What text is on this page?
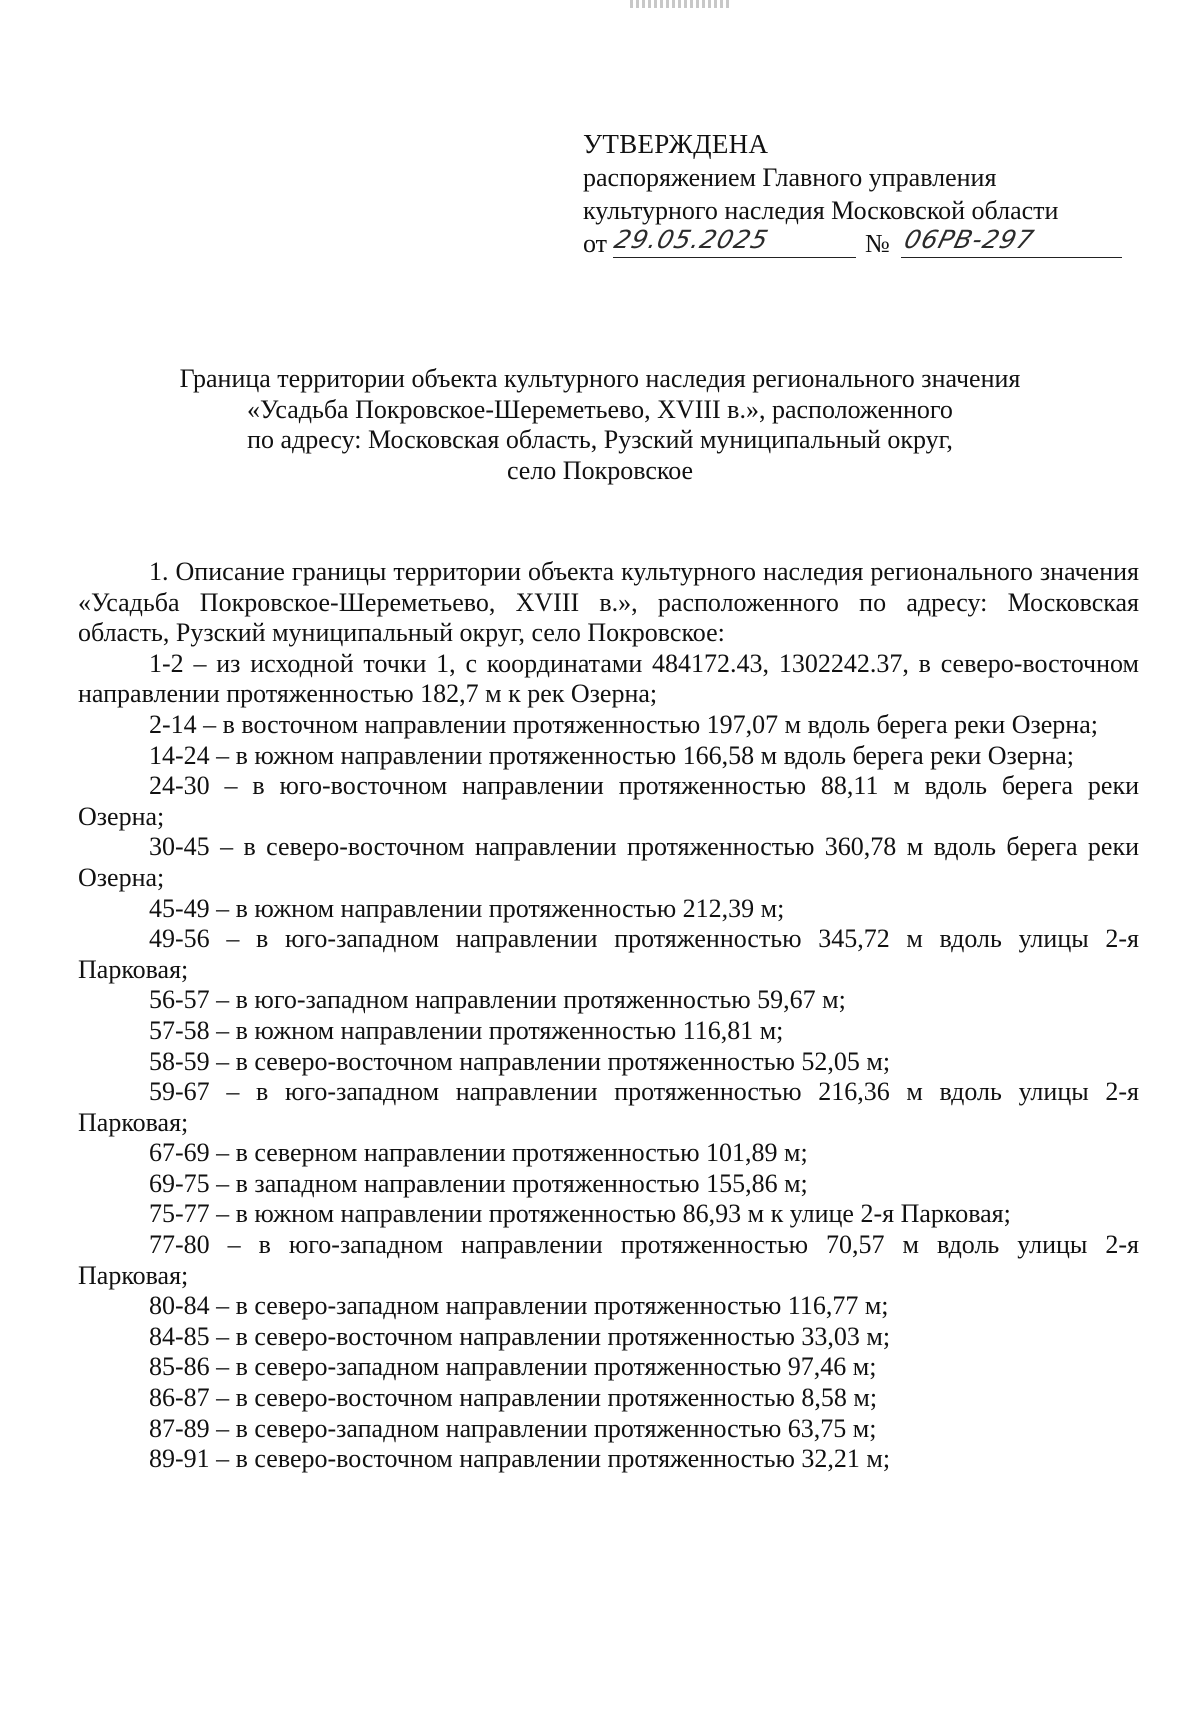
УТВЕРЖДЕНА
распоряжением Главного управления
культурного наследия Московской области
от 29.05.2025	№ 06РВ-297
Граница территории объекта культурного наследия регионального значения
«Усадьба Покровское-Шереметьево, XVIII в.», расположенного
по адресу: Московская область, Рузский муниципальный округ,
село Покровское

1. Описание границы территории объекта культурного наследия регионального значения «Усадьба Покровское-Шереметьево, XVIII в.», расположенного по адресу: Московская область, Рузский муниципальный округ, село Покровское:

1-2 – из исходной точки 1, с координатами 484172.43, 1302242.37, в северо-восточном направлении протяженностью 182,7 м к рек Озерна;

2-14 – в восточном направлении протяженностью 197,07 м вдоль берега реки Озерна;

14-24 – в южном направлении протяженностью 166,58 м вдоль берега реки Озерна;

24-30 – в юго-восточном направлении протяженностью 88,11 м вдоль берега реки Озерна;

30-45 – в северо-восточном направлении протяженностью 360,78 м вдоль берега реки Озерна;

45-49 – в южном направлении протяженностью 212,39 м;

49-56 – в юго-западном направлении протяженностью 345,72 м вдоль улицы 2-я Парковая;

56-57 – в юго-западном направлении протяженностью 59,67 м;

57-58 – в южном направлении протяженностью 116,81 м;

58-59 – в северо-восточном направлении протяженностью 52,05 м;

59-67 – в юго-западном направлении протяженностью 216,36 м вдоль улицы 2-я Парковая;

67-69 – в северном направлении протяженностью 101,89 м;

69-75 – в западном направлении протяженностью 155,86 м;

75-77 – в южном направлении протяженностью 86,93 м к улице 2-я Парковая;

77-80 – в юго-западном направлении протяженностью 70,57 м вдоль улицы 2-я Парковая;

80-84 – в северо-западном направлении протяженностью 116,77 м;

84-85 – в северо-восточном направлении протяженностью 33,03 м;

85-86 – в северо-западном направлении протяженностью 97,46 м;

86-87 – в северо-восточном направлении протяженностью 8,58 м;

87-89 – в северо-западном направлении протяженностью 63,75 м;

89-91 – в северо-восточном направлении протяженностью 32,21 м;
